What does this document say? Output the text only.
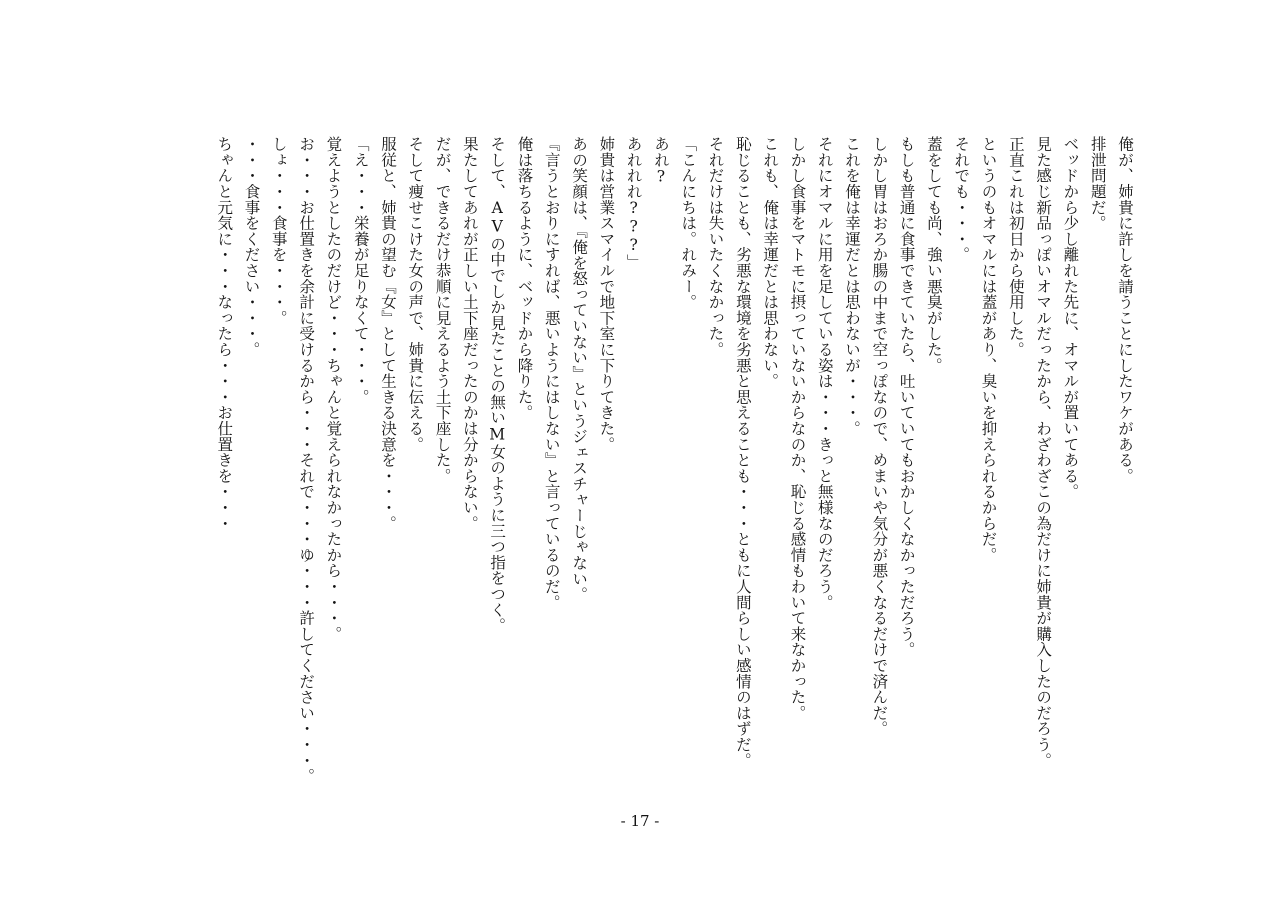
俺が、姉貴に許しを請うことにしたワケがある。
排泄問題だ。
ベッドから少し離れた先に、オマルが置いてある。
見た感じ新品っぽいオマルだったから、わざわざこの為だけに姉貴が購入したのだろう。
正直これは初日から使用した。
というのもオマルには蓋があり、臭いを抑えられるからだ。
それでも・・・。
蓋をしても尚、強い悪臭がした。
もしも普通に食事できていたら、吐いていてもおかしくなかっただろう。
しかし胃はおろか腸の中まで空っぽなので、めまいや気分が悪くなるだけで済んだ。
これを俺は幸運だとは思わないが・・・。
それにオマルに用を足している姿は・・・きっと無様なのだろう。
しかし食事をマトモに摂っていないからなのか、恥じる感情もわいて来なかった。
これも、俺は幸運だとは思わない。
恥じることも、劣悪な環境を劣悪と思えることも・・・ともに人間らしい感情のはずだ。
それだけは失いたくなかった。
「こんにちは。れみー。
あれ?
あれれれ???」
姉貴は営業スマイルで地下室に下りてきた。
あの笑顔は、『俺を怒っていない』というジェスチャーじゃない。
『言うとおりにすれば、悪いようにはしない』と言っているのだ。
俺は落ちるように、ベッドから降りた。
そして、AVの中でしか見たことの無いM女のように三つ指をつく。
果たしてあれが正しい土下座だったのかは分からない。
だが、できるだけ恭順に見えるよう土下座した。
そして痩せこけた女の声で、姉貴に伝える。
服従と、姉貴の望む『女』として生きる決意を・・・。
「え・・・栄養が足りなくて・・・。
覚えようとしたのだけど・・・ちゃんと覚えられなかったから・・・。
お・・・お仕置きを余計に受けるから・・・それで・・・ゆ・・・許してください・・・。
しょ・・・食事を・・・。
・・・食事をください・・・。
ちゃんと元気に・・・なったら・・・お仕置きを・・・
- 17 -
